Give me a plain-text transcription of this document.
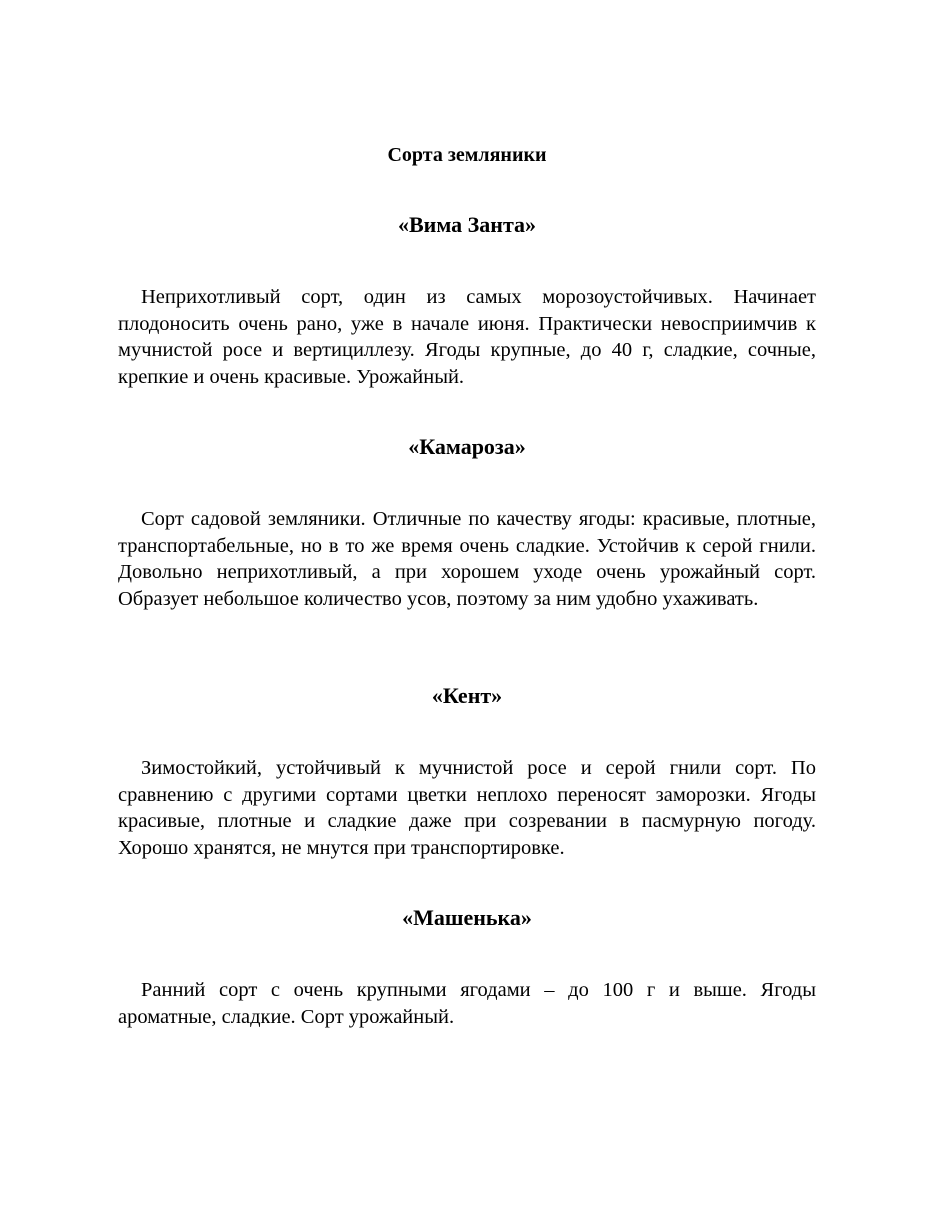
Сорта земляники
«Вима Занта»

Неприхотливый сорт, один из самых морозоустойчивых. Начинает плодоносить очень рано, уже в начале июня. Практически невосприимчив к мучнистой росе и вертициллезу. Ягоды крупные, до 40 г, сладкие, сочные, крепкие и очень красивые. Урожайный.

«Камароза»

Сорт садовой земляники. Отличные по качеству ягоды: красивые, плотные, транспортабельные, но в то же время очень сладкие. Устойчив к серой гнили. Довольно неприхотливый, а при хорошем уходе очень урожайный сорт. Образует небольшое количество усов, поэтому за ним удобно ухаживать.

«Кент»

Зимостойкий, устойчивый к мучнистой росе и серой гнили сорт. По сравнению с другими сортами цветки неплохо переносят заморозки. Ягоды красивые, плотные и сладкие даже при созревании в пасмурную погоду. Хорошо хранятся, не мнутся при транспортировке.

«Машенька»

Ранний сорт с очень крупными ягодами – до 100 г и выше. Ягоды ароматные, сладкие. Сорт урожайный.
